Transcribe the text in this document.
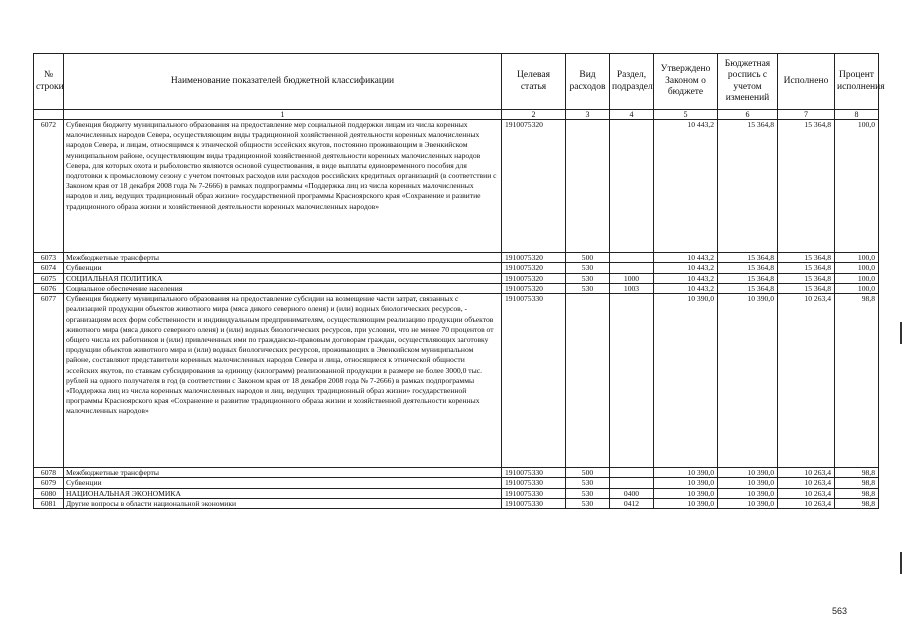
№ строки	Наименование показателей бюджетной классификации	Целевая статья	Вид расходов	Раздел, подраздел	Утверждено Законом о бюджете	Бюджетная роспись с учетом изменений	Исполнено	Процент исполнения
	1	2	3	4	5	6	7	8
6072	Субвенция бюджету муниципального образования на предоставление мер социальной поддержки лицам из числа коренных малочисленных народов Севера, осуществляющим виды традиционной хозяйственной деятельности коренных малочисленных народов Севера, и лицам, относящимся к этнической общности эссейских якутов, постоянно проживающим в Эвенкийском муниципальном районе, осуществляющим виды традиционной хозяйственной деятельности коренных малочисленных народов Севера, для которых охота и рыболовство являются основой существования, в виде выплаты единовременного пособия для подготовки к промысловому сезону с учетом почтовых расходов или расходов российских кредитных организаций (в соответствии с Законом края от 18 декабря 2008 года № 7-2666) в рамках подпрограммы «Поддержка лиц из числа коренных малочисленных народов и лиц, ведущих традиционный образ жизни» государственной программы Красноярского края «Сохранение и развитие традиционного образа жизни и хозяйственной деятельности коренных малочисленных народов»	1910075320			10 443,2	15 364,8	15 364,8	100,0
6073	Межбюджетные трансферты	1910075320	500		10 443,2	15 364,8	15 364,8	100,0
6074	Субвенции	1910075320	530		10 443,2	15 364,8	15 364,8	100,0
6075	СОЦИАЛЬНАЯ ПОЛИТИКА	1910075320	530	1000	10 443,2	15 364,8	15 364,8	100,0
6076	Социальное обеспечение населения	1910075320	530	1003	10 443,2	15 364,8	15 364,8	100,0
6077	Субвенция бюджету муниципального образования на предоставление субсидии на возмещение части затрат, связанных с реализацией продукции объектов животного мира (мяса дикого северного оленя) и (или) водных биологических ресурсов, - организациям всех форм собственности и индивидуальным предпринимателям, осуществляющим реализацию продукции объектов животного мира (мяса дикого северного оленя) и (или) водных биологических ресурсов, при условии, что не менее 70 процентов от общего числа их работников и (или) привлеченных ими по гражданско-правовым договорам граждан, осуществляющих заготовку продукции объектов животного мира и (или) водных биологических ресурсов, проживающих в Эвенкийском муниципальном районе, составляют представители коренных малочисленных народов Севера и лица, относящиеся к этнической общности эссейских якутов, по ставкам субсидирования за единицу (килограмм) реализованной продукции в размере не более 3000,0 тыс. рублей на одного получателя в год (в соответствии с Законом края от 18 декабря 2008 года № 7-2666) в рамках подпрограммы «Поддержка лиц из числа коренных малочисленных народов и лиц, ведущих традиционный образ жизни» государственной программы Красноярского края «Сохранение и развитие традиционного образа жизни и хозяйственной деятельности коренных малочисленных народов»	1910075330			10 390,0	10 390,0	10 263,4	98,8
6078	Межбюджетные трансферты	1910075330	500		10 390,0	10 390,0	10 263,4	98,8
6079	Субвенции	1910075330	530		10 390,0	10 390,0	10 263,4	98,8
6080	НАЦИОНАЛЬНАЯ ЭКОНОМИКА	1910075330	530	0400	10 390,0	10 390,0	10 263,4	98,8
6081	Другие вопросы в области национальной экономики	1910075330	530	0412	10 390,0	10 390,0	10 263,4	98,8
563
